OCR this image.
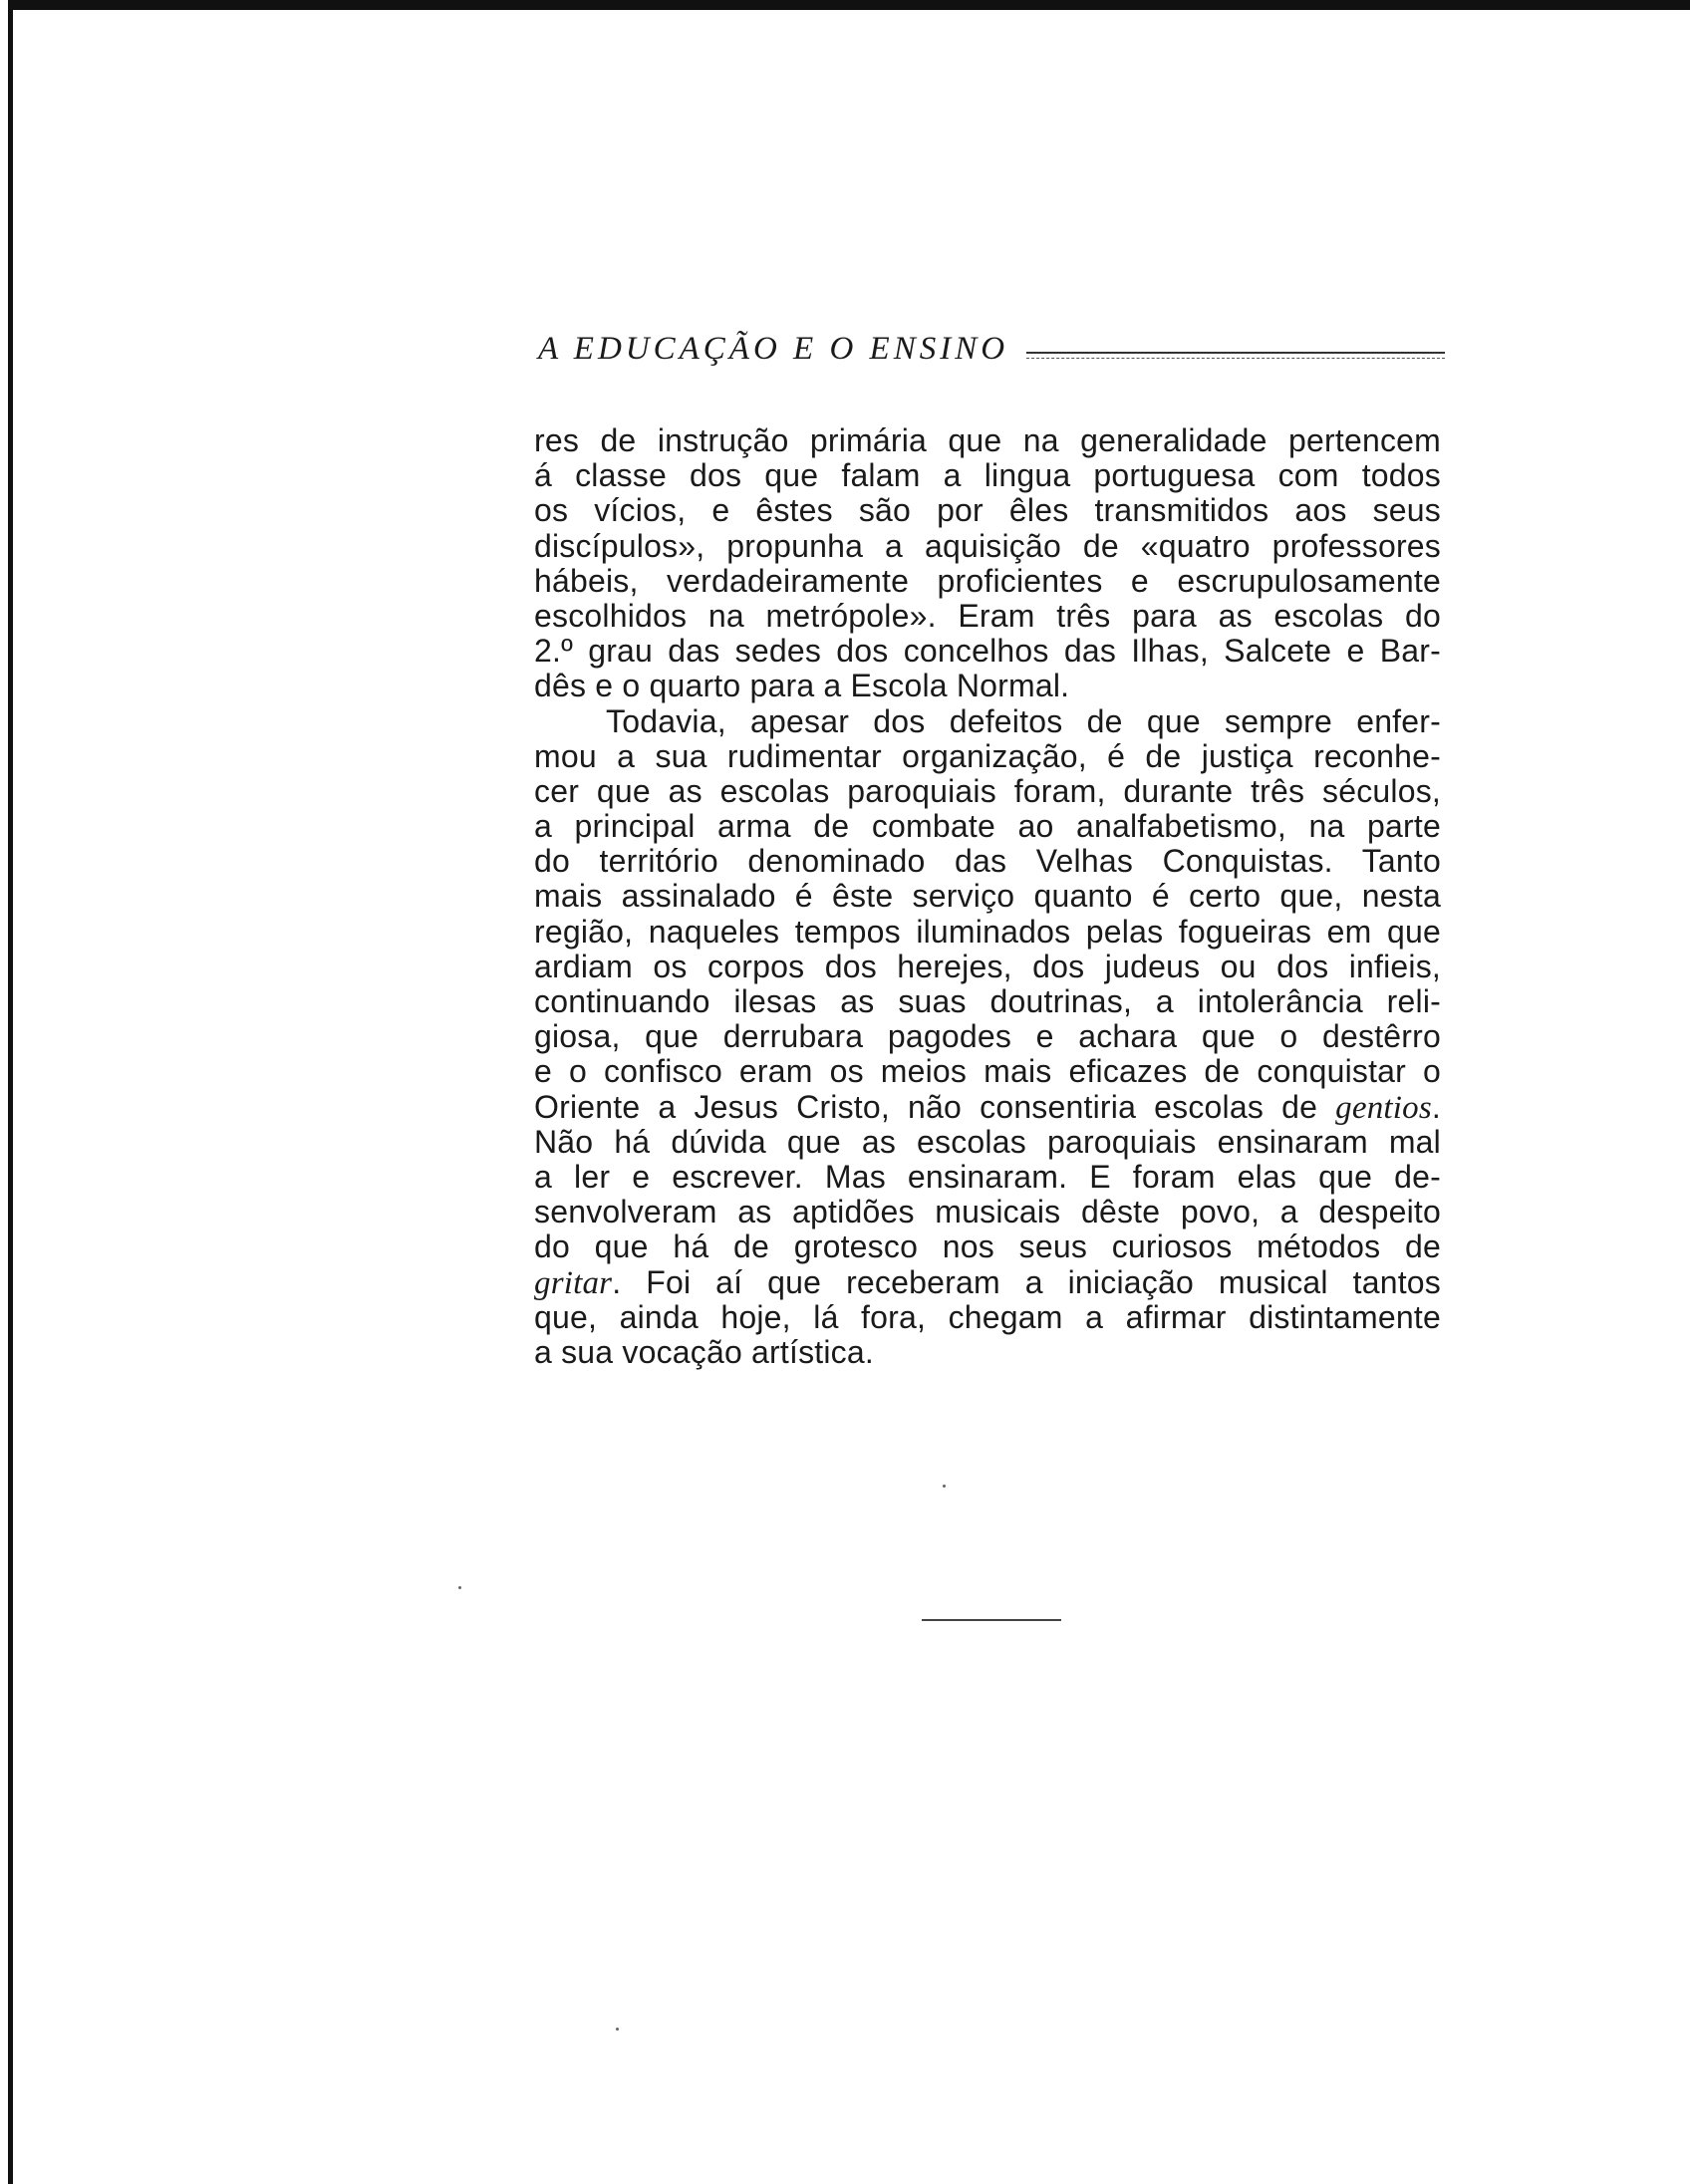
A EDUCAÇÃO E O ENSINO
res de instrução primária que na generalidade pertencem
á classe dos que falam a lingua portuguesa com todos
os vícios, e êstes são por êles transmitidos aos seus
discípulos», propunha a aquisição de «quatro professores
hábeis, verdadeiramente proficientes e escrupulosamente
escolhidos na metrópole». Eram três para as escolas do
2.º grau das sedes dos concelhos das Ilhas, Salcete e Bar-
dês e o quarto para a Escola Normal.
Todavia, apesar dos defeitos de que sempre enfer-
mou a sua rudimentar organização, é de justiça reconhe-
cer que as escolas paroquiais foram, durante três séculos,
a principal arma de combate ao analfabetismo, na parte
do território denominado das Velhas Conquistas. Tanto
mais assinalado é êste serviço quanto é certo que, nesta
região, naqueles tempos iluminados pelas fogueiras em que
ardiam os corpos dos herejes, dos judeus ou dos infieis,
continuando ilesas as suas doutrinas, a intolerância reli-
giosa, que derrubara pagodes e achara que o destêrro
e o confisco eram os meios mais eficazes de conquistar o
Oriente a Jesus Cristo, não consentiria escolas de gentios.
Não há dúvida que as escolas paroquiais ensinaram mal
a ler e escrever. Mas ensinaram. E foram elas que de-
senvolveram as aptidões musicais dêste povo, a despeito
do que há de grotesco nos seus curiosos métodos de
gritar. Foi aí que receberam a iniciação musical tantos
que, ainda hoje, lá fora, chegam a afirmar distintamente
a sua vocação artística.
